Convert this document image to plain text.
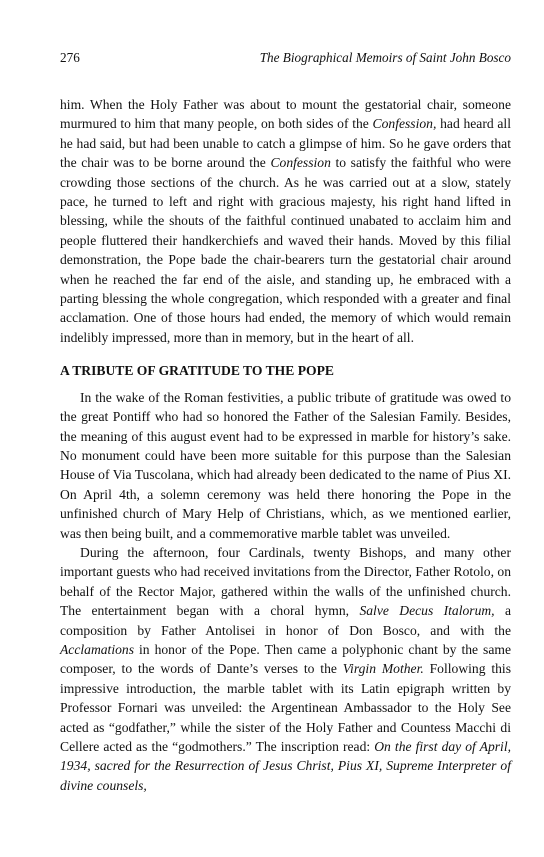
276	The Biographical Memoirs of Saint John Bosco

him. When the Holy Father was about to mount the gestatorial chair, someone murmured to him that many people, on both sides of the Confession, had heard all he had said, but had been unable to catch a glimpse of him. So he gave orders that the chair was to be borne around the Confession to satisfy the faithful who were crowding those sections of the church. As he was carried out at a slow, stately pace, he turned to left and right with gracious majesty, his right hand lifted in blessing, while the shouts of the faithful continued unabated to acclaim him and people fluttered their handkerchiefs and waved their hands. Moved by this filial demonstration, the Pope bade the chair-bearers turn the gestatorial chair around when he reached the far end of the aisle, and standing up, he embraced with a parting blessing the whole congregation, which responded with a greater and final acclamation. One of those hours had ended, the memory of which would remain indelibly impressed, more than in memory, but in the heart of all.

A TRIBUTE OF GRATITUDE TO THE POPE

In the wake of the Roman festivities, a public tribute of gratitude was owed to the great Pontiff who had so honored the Father of the Salesian Family. Besides, the meaning of this august event had to be expressed in marble for history’s sake. No monument could have been more suitable for this purpose than the Salesian House of Via Tuscolana, which had already been dedicated to the name of Pius XI. On April 4th, a solemn ceremony was held there honoring the Pope in the unfinished church of Mary Help of Christians, which, as we mentioned earlier, was then being built, and a commemorative marble tablet was unveiled.

During the afternoon, four Cardinals, twenty Bishops, and many other important guests who had received invitations from the Director, Father Rotolo, on behalf of the Rector Major, gathered within the walls of the unfinished church. The entertainment began with a choral hymn, Salve Decus Italorum, a composition by Father Antolisei in honor of Don Bosco, and with the Acclamations in honor of the Pope. Then came a polyphonic chant by the same composer, to the words of Dante’s verses to the Virgin Mother. Following this impressive introduction, the marble tablet with its Latin epigraph written by Professor Fornari was unveiled: the Argentinean Ambassador to the Holy See acted as “godfather,” while the sister of the Holy Father and Countess Macchi di Cellere acted as the “godmothers.” The inscription read: On the first day of April, 1934, sacred for the Resurrection of Jesus Christ, Pius XI, Supreme Interpreter of divine counsels,
